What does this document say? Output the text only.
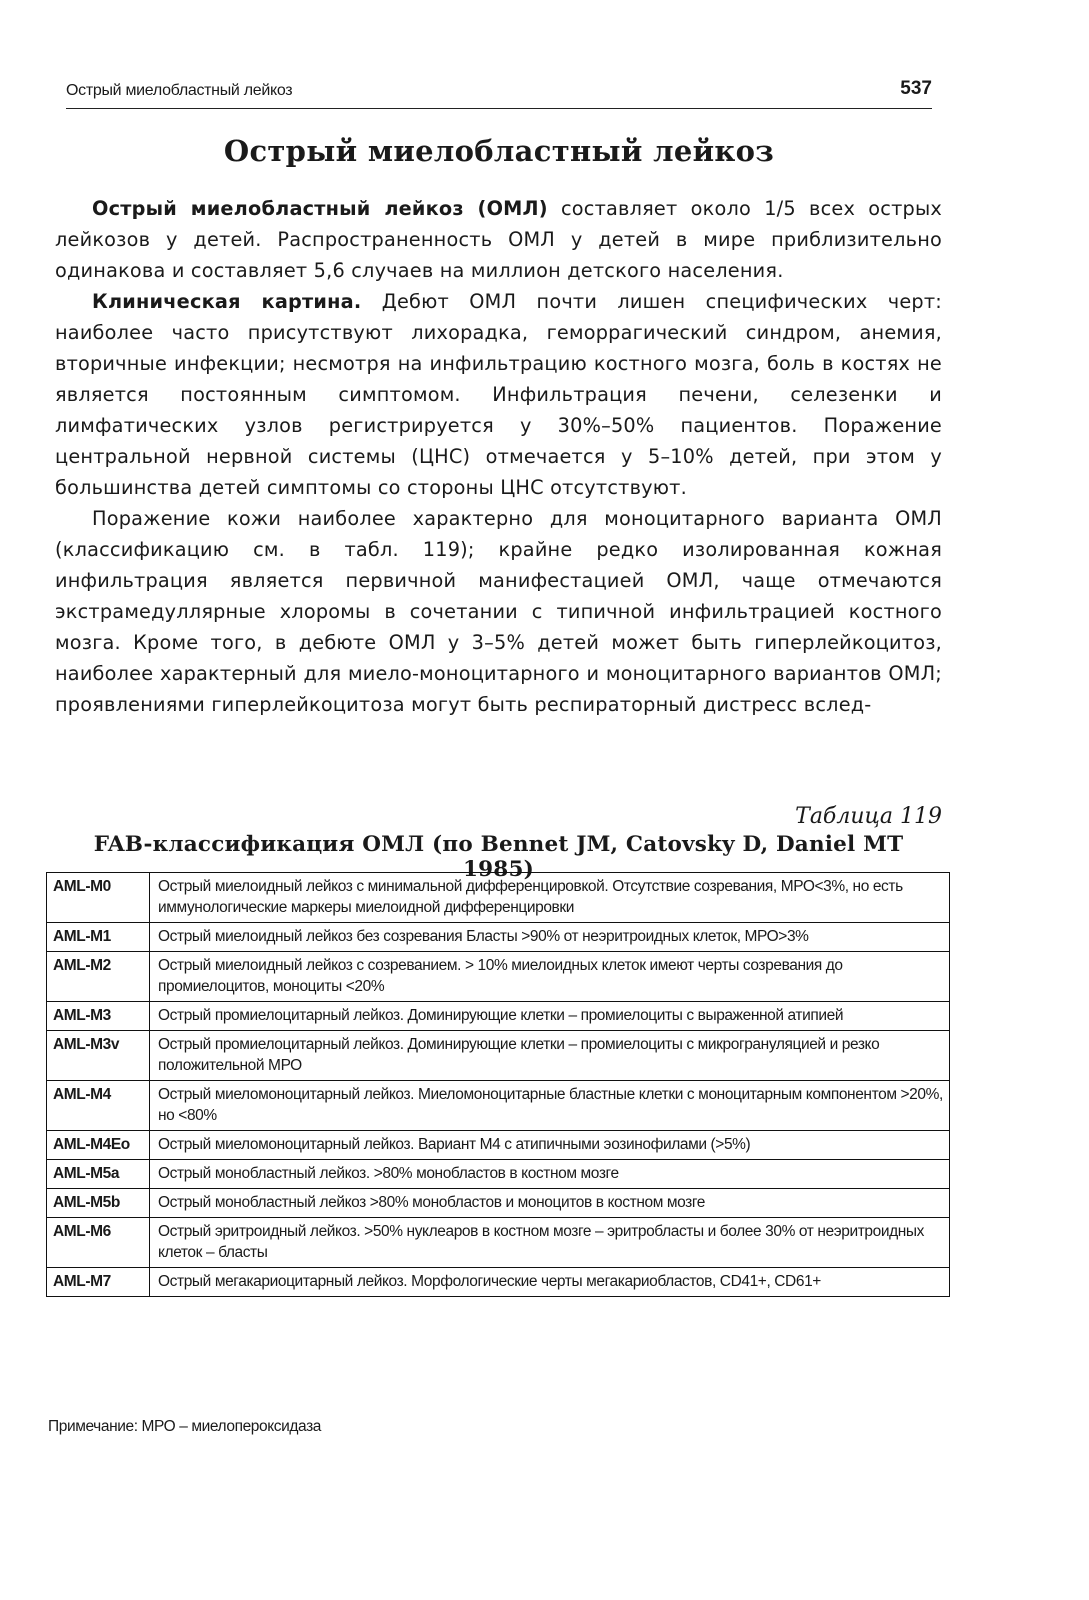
Острый миелобластный лейкоз	537
Острый миелобластный лейкоз

Острый миелобластный лейкоз (ОМЛ) составляет около 1/5 всех острых лейкозов у детей. Распространенность ОМЛ у детей в мире приблизительно одинакова и составляет 5,6 случаев на миллион детского населения.

Клиническая картина. Дебют ОМЛ почти лишен специфических черт: наиболее часто присутствуют лихорадка, геморрагический синдром, анемия, вторичные инфекции; несмотря на инфильтрацию костного мозга, боль в костях не является постоянным симптомом. Инфильтрация печени, селезенки и лимфатических узлов регистрируется у 30%–50% пациентов. Поражение центральной нервной системы (ЦНС) отмечается у 5–10% детей, при этом у большинства детей симптомы со стороны ЦНС отсутствуют.

Поражение кожи наиболее характерно для моноцитарного варианта ОМЛ (классификацию см. в табл. 119); крайне редко изолированная кожная инфильтрация является первичной манифестацией ОМЛ, чаще отмечаются экстрамедуллярные хлоромы в сочетании с типичной инфильтрацией костного мозга. Кроме того, в дебюте ОМЛ у 3–5% детей может быть гиперлейкоцитоз, наиболее характерный для миело-моноцитарного и моноцитарного вариантов ОМЛ; проявлениями гиперлейкоцитоза могут быть респираторный дистресс вслед-

Таблица 119
FAB-классификация ОМЛ (по Bennet JM, Catovsky D, Daniel MT 1985)
AML-M0	Острый миелоидный лейкоз с минимальной дифференцировкой. Отсутствие созревания, МРО<3%, но есть иммунологические маркеры миелоидной дифференцировки
AML-M1	Острый миелоидный лейкоз без созревания Бласты >90% от неэритроидных клеток, МРО>3%
AML-M2	Острый миелоидный лейкоз с созреванием. > 10% миелоидных клеток имеют черты созревания до промиелоцитов, моноциты <20%
AML-M3	Острый промиелоцитарный лейкоз. Доминирующие клетки – промиелоциты с выраженной атипией
AML-M3v	Острый промиелоцитарный лейкоз. Доминирующие клетки – промиелоциты с микрогрануляцией и резко положительной МРО
AML-M4	Острый миеломоноцитарный лейкоз. Миеломоноцитарные бластные клетки с моноцитарным компонентом >20%, но <80%
AML-M4Eo	Острый миеломоноцитарный лейкоз. Вариант М4 с атипичными эозинофилами (>5%)
AML-M5a	Острый монобластный лейкоз. >80% монобластов в костном мозге
AML-M5b	Острый монобластный лейкоз >80% монобластов и моноцитов в костном мозге
AML-M6	Острый эритроидный лейкоз. >50% нуклеаров в костном мозге – эритробласты и более 30% от неэритроидных клеток – бласты
AML-M7	Острый мегакариоцитарный лейкоз. Морфологические черты мегакариобластов, CD41+, CD61+
Примечание: МРО – миелопероксидаза
